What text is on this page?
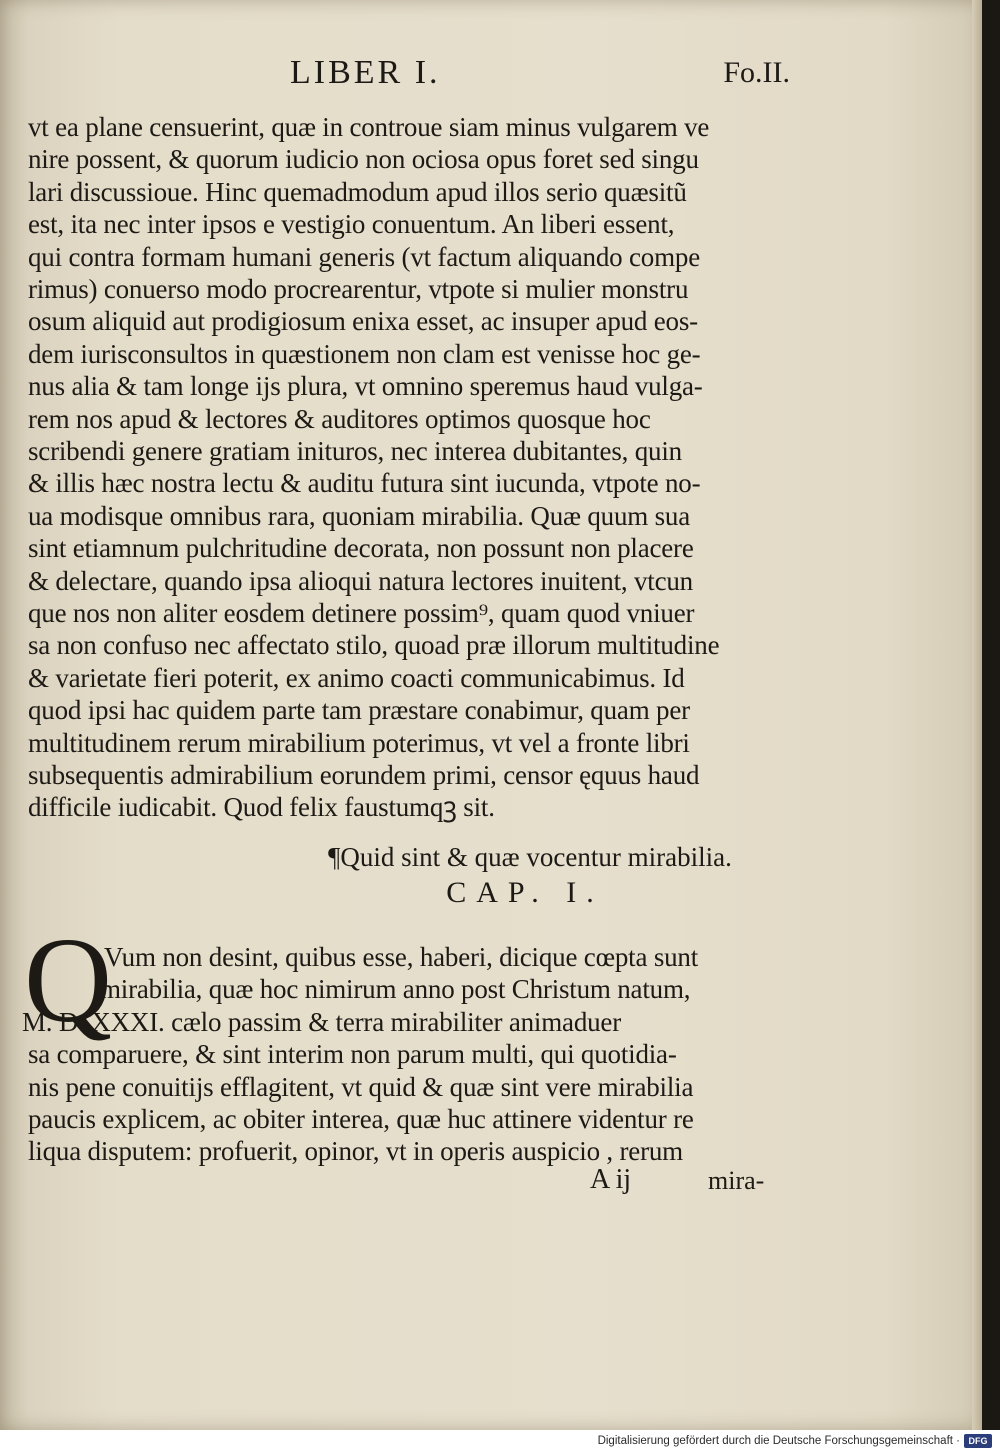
LIBER I.	Fo.II.
vt ea plane censuerint, quæ in controue siam minus vulgarem ve
nire possent, & quorum iudicio non ociosa opus foret sed singu
lari discussioue. Hinc quemadmodum apud illos serio quæsitũ
est, ita nec inter ipsos e vestigio conuentum. An liberi essent,
qui contra formam humani generis (vt factum aliquando compe
rimus) conuerso modo procrearentur, vtpote si mulier monstru
osum aliquid aut prodigiosum enixa esset, ac insuper apud eos-
dem iurisconsultos in quæstionem non clam est venisse hoc ge-
nus alia & tam longe ĳs plura, vt omnino speremus haud vulga-
rem nos apud & lectores & auditores optimos quosque hoc
scribendi genere gratiam inituros, nec interea dubitantes, quin
& illis hæc nostra lectu & auditu futura sint iucunda, vtpote no-
ua modisque omnibus rara, quoniam mirabilia. Quæ quum sua
sint etiamnum pulchritudine decorata, non possunt non placere
& delectare, quando ipsa alioqui natura lectores inuitent, vtcun
que nos non aliter eosdem detinere possim⁹, quam quod vniuer
sa non confuso nec affectato stilo, quoad præ illorum multitudine
& varietate fieri poterit, ex animo coacti communicabimus. Id
quod ipsi hac quidem parte tam præstare conabimur, quam per
multitudinem rerum mirabilium poterimus, vt vel a fronte libri
subsequentis admirabilium eorundem primi, censor ęquus haud
difficile iudicabit. Quod felix faustumqꝫ sit.
¶Quid sint & quæ vocentur mirabilia.
CAP. I.
Q
Vum non desint, quibus esse, haberi, dicique cœpta sunt
mirabilia, quæ hoc nimirum anno post Christum natum,
M. D. XXXI. cælo passim & terra mirabiliter animaduer
sa comparuere, & sint interim non parum multi, qui quotidia-
nis pene conuitĳs efflagitent, vt quid & quæ sint vere mirabilia
paucis explicem, ac obiter interea, quæ huc attinere videntur re
liqua disputem: profuerit, opinor, vt in operis auspicio , rerum
A ĳ	mira-
Digitalisierung gefördert durch die Deutsche Forschungsgemeinschaft · DFG
